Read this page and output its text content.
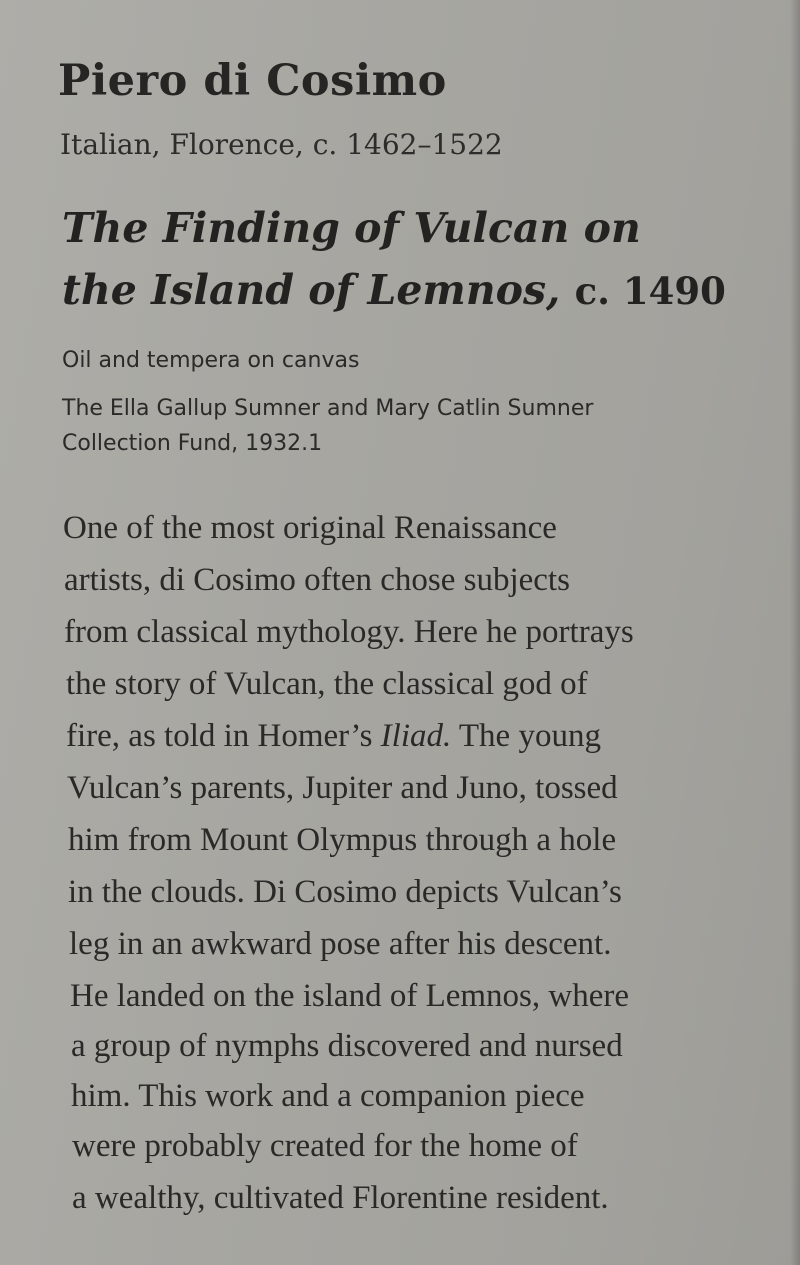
Piero di Cosimo

Italian, Florence, c. 1462–1522

The Finding of Vulcan on
the Island of Lemnos, c. 1490

Oil and tempera on canvas

The Ella Gallup Sumner and Mary Catlin Sumner

Collection Fund, 1932.1

One of the most original Renaissance

artists, di Cosimo often chose subjects

from classical mythology. Here he portrays

the story of Vulcan, the classical god of

fire, as told in Homer’s Iliad. The young

Vulcan’s parents, Jupiter and Juno, tossed

him from Mount Olympus through a hole

in the clouds. Di Cosimo depicts Vulcan’s

leg in an awkward pose after his descent.

He landed on the island of Lemnos, where

a group of nymphs discovered and nursed

him. This work and a companion piece

were probably created for the home of

a wealthy, cultivated Florentine resident.
